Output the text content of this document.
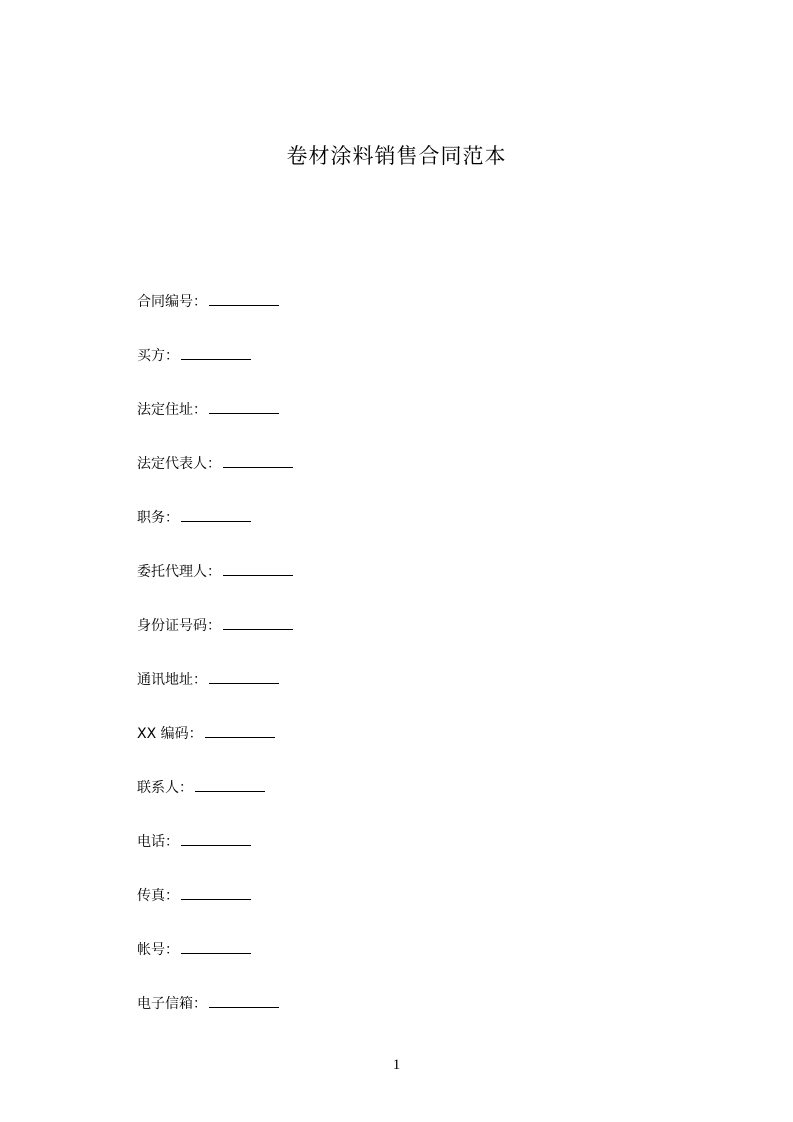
卷材涂料销售合同范本
合同编号：
买方：
法定住址：
法定代表人：
职务：
委托代理人：
身份证号码：
通讯地址：
XX 编码：
联系人：
电话：
传真：
帐号：
电子信箱：
1
